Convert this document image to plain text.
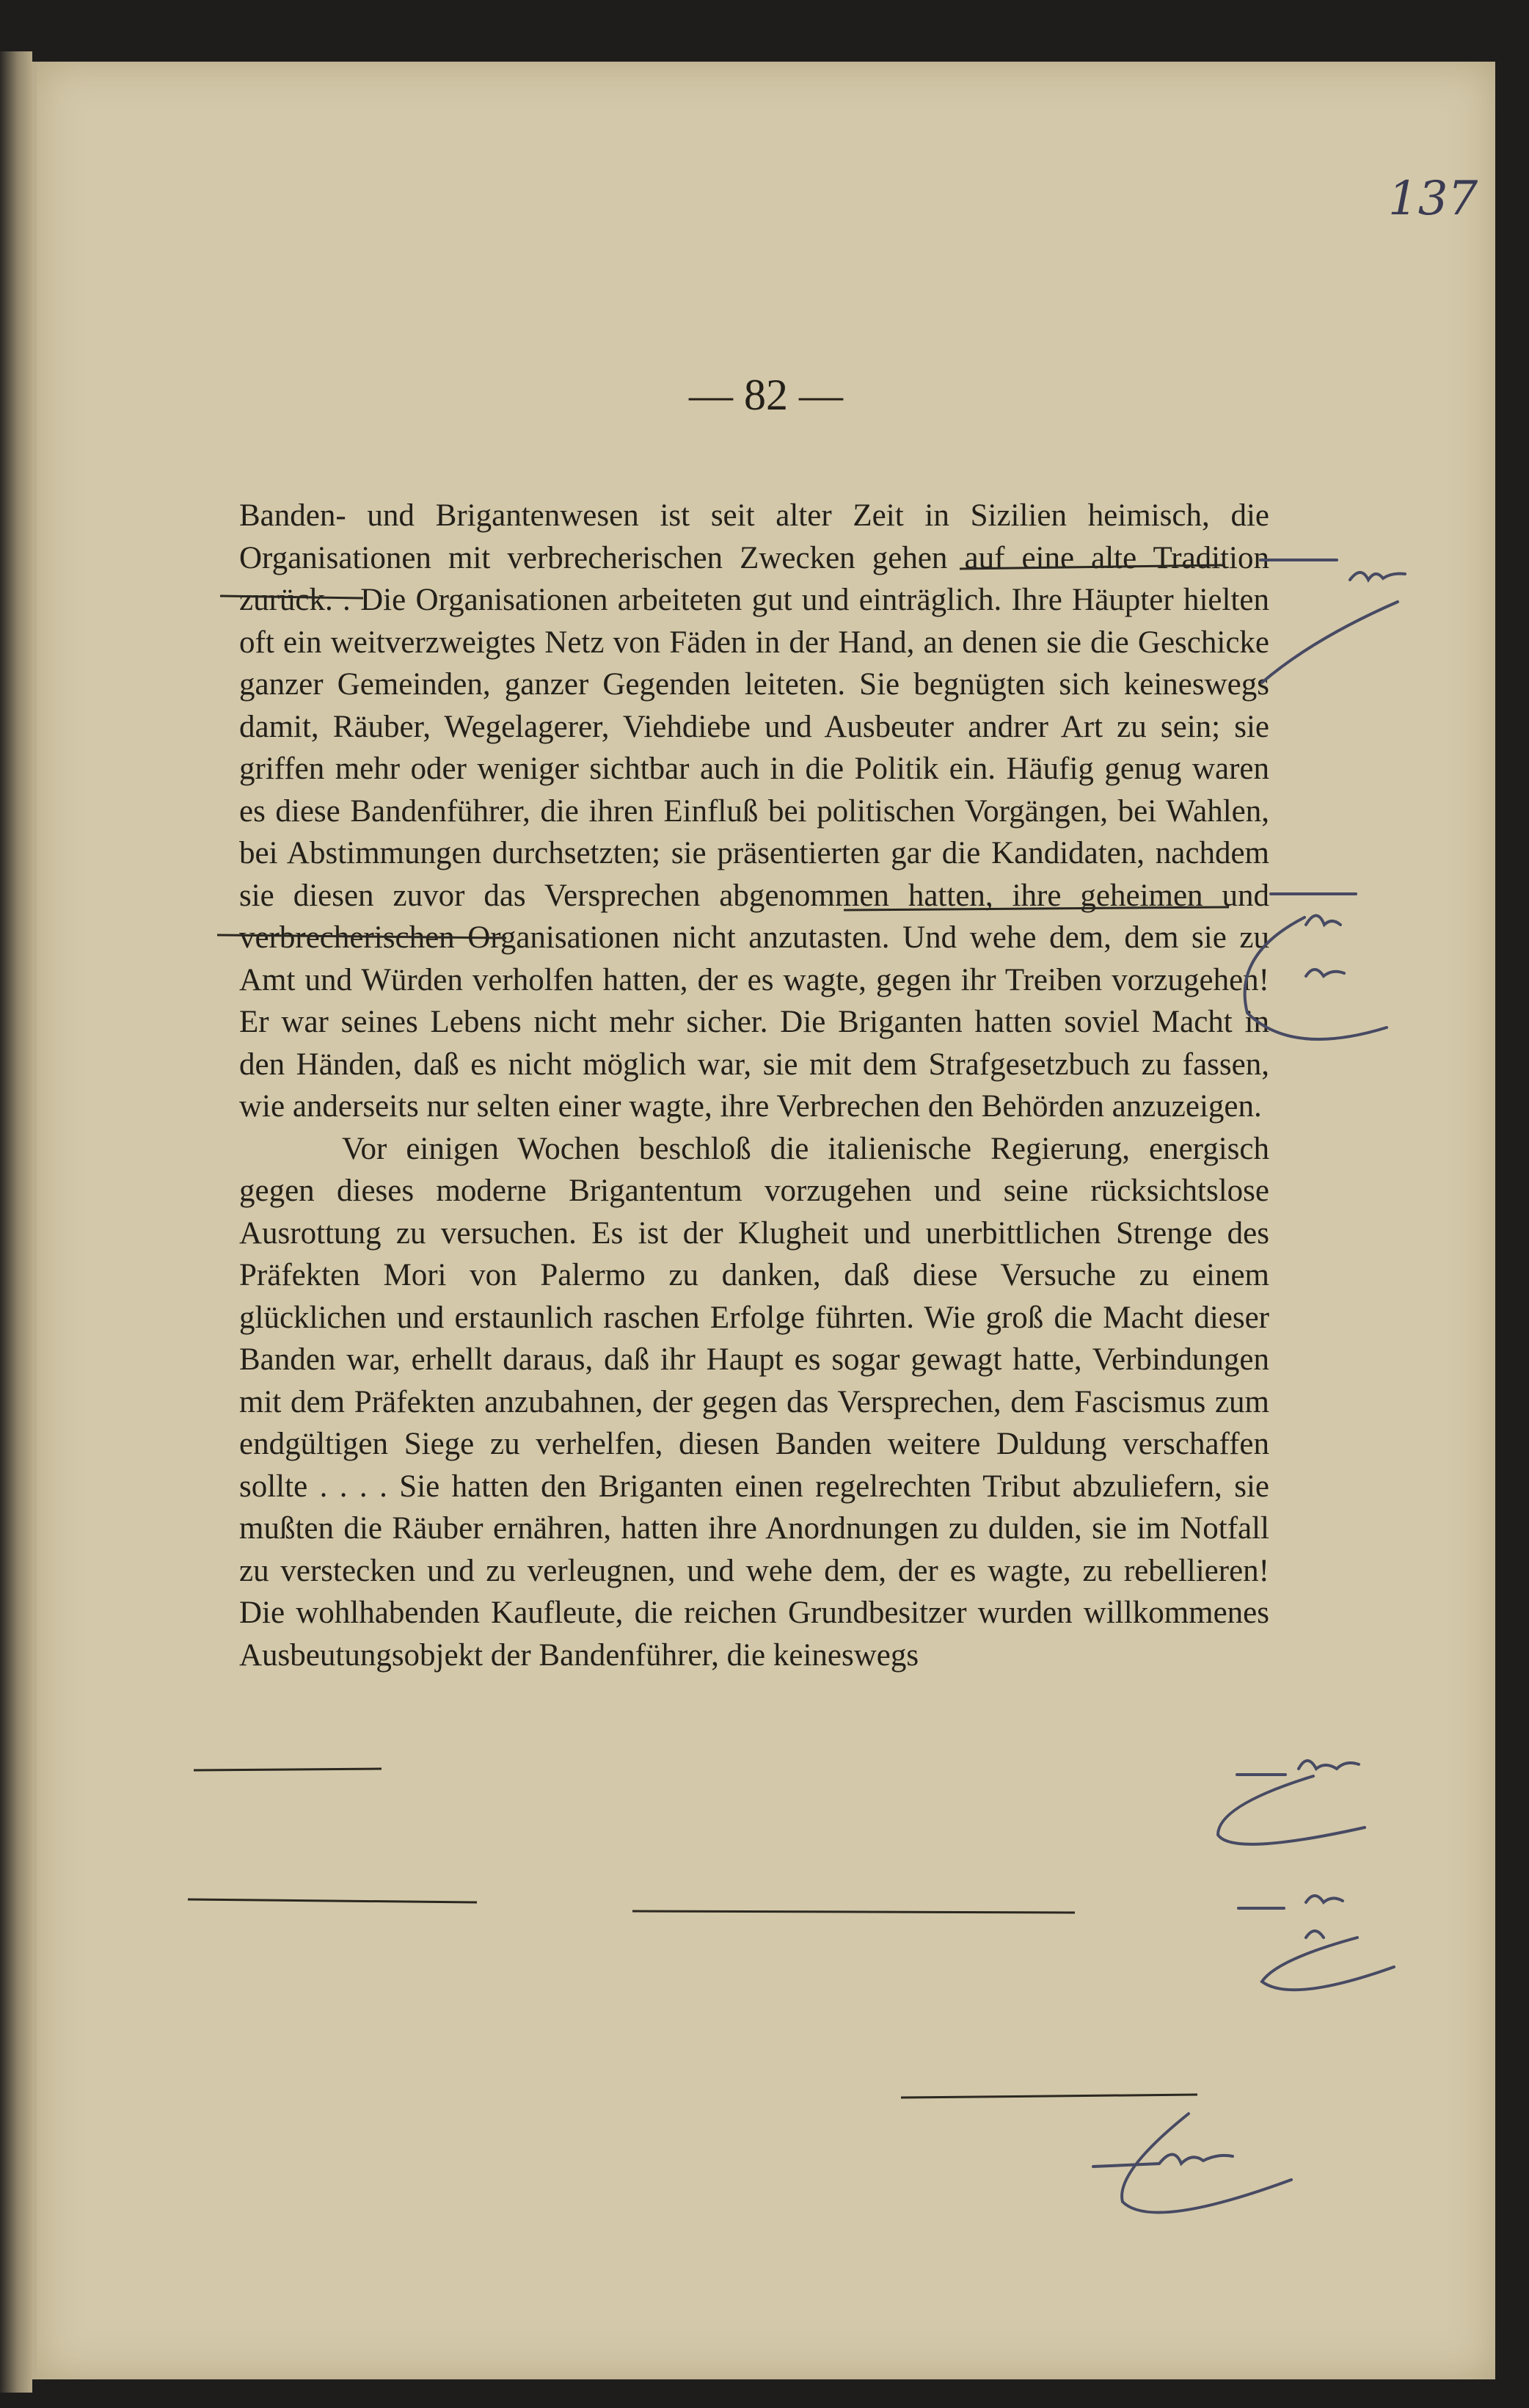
137
— 82 —

Banden- und Brigantenwesen ist seit alter Zeit in Sizilien heimisch, die Organisationen mit verbrecherischen Zwecken gehen auf eine alte Tradition zurück. . Die Organisationen arbeiteten gut und einträglich. Ihre Häupter hielten oft ein weitverzweigtes Netz von Fäden in der Hand, an denen sie die Geschicke ganzer Gemeinden, ganzer Gegenden leiteten. Sie begnügten sich keineswegs damit, Räuber, Wegelagerer, Viehdiebe und Ausbeuter andrer Art zu sein; sie griffen mehr oder weniger sichtbar auch in die Politik ein. Häufig genug waren es diese Bandenführer, die ihren Einfluß bei politischen Vorgängen, bei Wahlen, bei Abstimmungen durchsetzten; sie präsentierten gar die Kandidaten, nachdem sie diesen zuvor das Versprechen abgenommen hatten, ihre geheimen und verbrecherischen Organisationen nicht anzutasten. Und wehe dem, dem sie zu Amt und Würden verholfen hatten, der es wagte, gegen ihr Treiben vorzugehen! Er war seines Lebens nicht mehr sicher. Die Briganten hatten soviel Macht in den Händen, daß es nicht möglich war, sie mit dem Strafgesetzbuch zu fassen, wie anderseits nur selten einer wagte, ihre Verbrechen den Behörden anzuzeigen.

Vor einigen Wochen beschloß die italienische Regierung, energisch gegen dieses moderne Brigantentum vorzugehen und seine rücksichtslose Ausrottung zu versuchen. Es ist der Klugheit und unerbittlichen Strenge des Präfekten Mori von Palermo zu danken, daß diese Versuche zu einem glücklichen und erstaunlich raschen Erfolge führten. Wie groß die Macht dieser Banden war, erhellt daraus, daß ihr Haupt es sogar gewagt hatte, Verbindungen mit dem Präfekten anzubahnen, der gegen das Versprechen, dem Fascismus zum endgültigen Siege zu verhelfen, diesen Banden weitere Duldung verschaffen sollte . . . . Sie hatten den Briganten einen regelrechten Tribut abzuliefern, sie mußten die Räuber ernähren, hatten ihre Anordnungen zu dulden, sie im Notfall zu verstecken und zu verleugnen, und wehe dem, der es wagte, zu rebellieren! Die wohlhabenden Kaufleute, die reichen Grundbesitzer wurden willkommenes Ausbeutungsobjekt der Bandenführer, die keineswegs
